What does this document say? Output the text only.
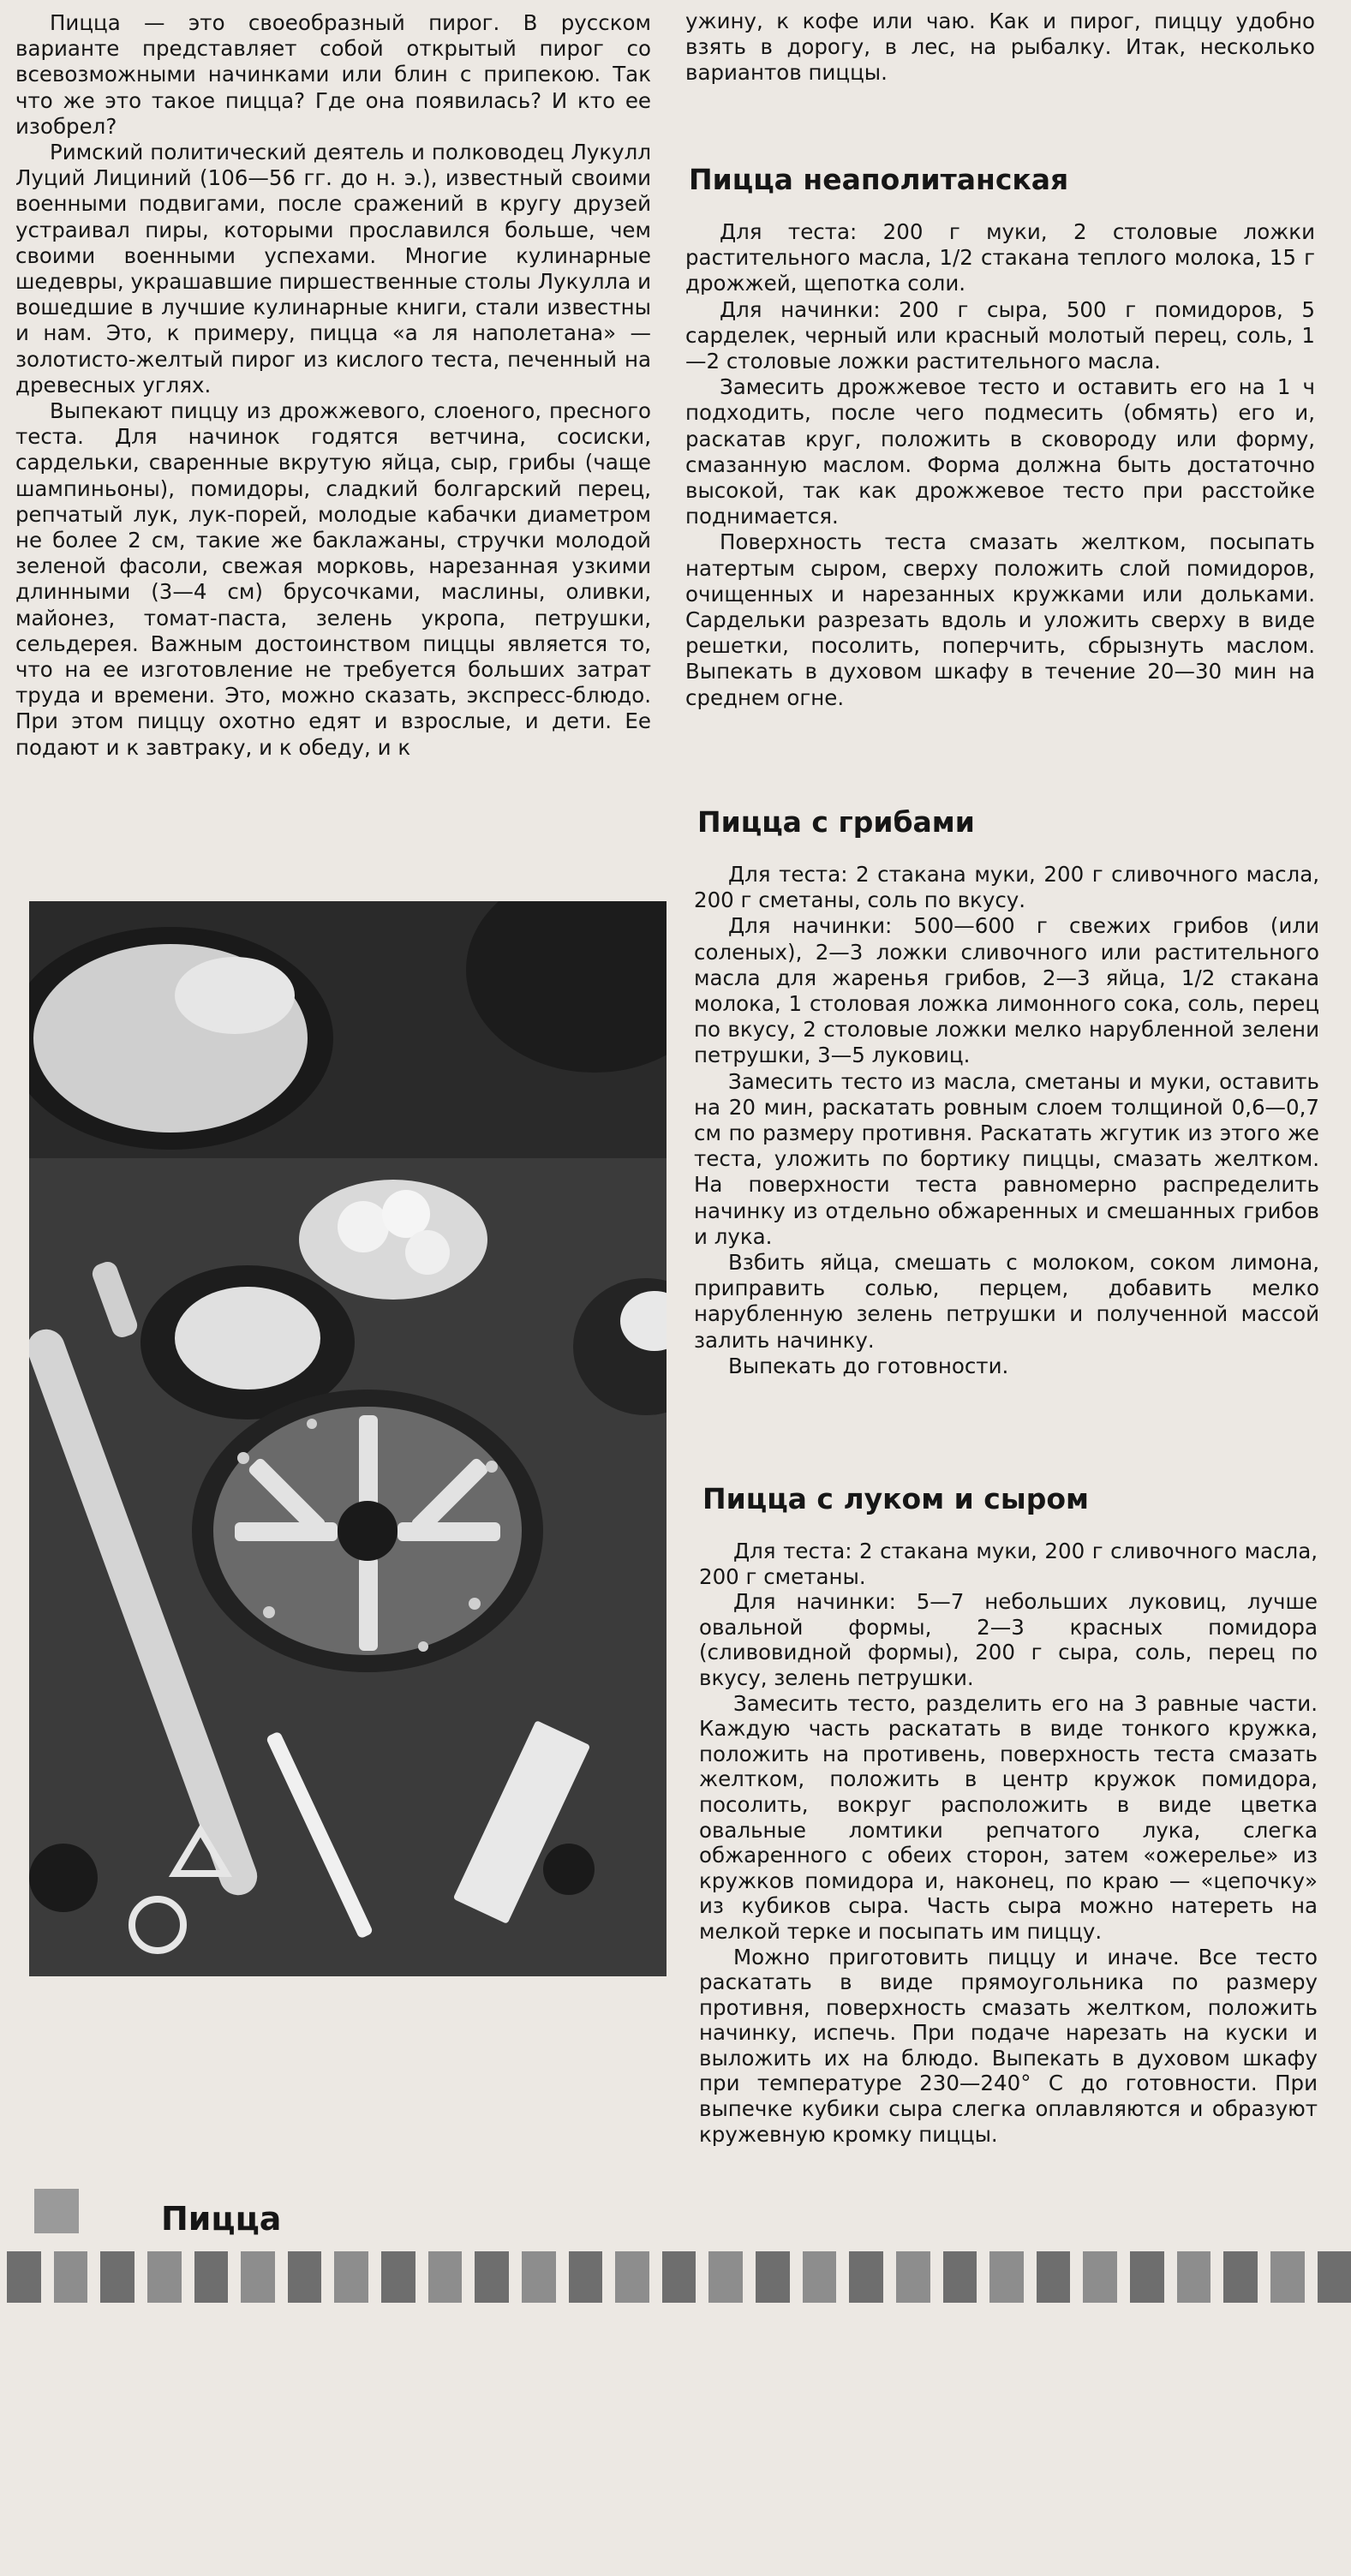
Пицца — это своеобразный пирог. В русском варианте представляет собой открытый пирог со всевозможными начинками или блин с припекою. Так что же это такое пицца? Где она появилась? И кто ее изобрел?

Римский политический деятель и полководец Лукулл Луций Лициний (106—56 гг. до н. э.), известный своими военными подвигами, после сражений в кругу друзей устраивал пиры, которыми прославился больше, чем своими военными успехами. Многие кулинарные шедевры, украшавшие пиршественные столы Лукулла и вошедшие в лучшие кулинарные книги, стали известны и нам. Это, к примеру, пицца «а ля наполетана» — золотисто-желтый пирог из кислого теста, печенный на древесных углях.

Выпекают пиццу из дрожжевого, слоеного, пресного теста. Для начинок годятся ветчина, сосиски, сардельки, сваренные вкрутую яйца, сыр, грибы (чаще шампиньоны), помидоры, сладкий болгарский перец, репчатый лук, лук-порей, молодые кабачки диаметром не более 2 см, такие же баклажаны, стручки молодой зеленой фасоли, свежая морковь, нарезанная узкими длинными (3—4 см) брусочками, маслины, оливки, майонез, томат-паста, зелень укропа, петрушки, сельдерея. Важным достоинством пиццы является то, что на ее изготовление не требуется больших затрат труда и времени. Это, можно сказать, экспресс-блюдо. При этом пиццу охотно едят и взрослые, и дети. Ее подают и к завтраку, и к обеду, и к

ужину, к кофе или чаю. Как и пирог, пиццу удобно взять в дорогу, в лес, на рыбалку. Итак, несколько вариантов пиццы.

Пицца неаполитанская

Для теста: 200 г муки, 2 столовые ложки растительного масла, 1/2 стакана теплого молока, 15 г дрожжей, щепотка соли.

Для начинки: 200 г сыра, 500 г помидоров, 5 сарделек, черный или красный молотый перец, соль, 1—2 столовые ложки растительного масла.

Замесить дрожжевое тесто и оставить его на 1 ч подходить, после чего подмесить (обмять) его и, раскатав круг, положить в сковороду или форму, смазанную маслом. Форма должна быть достаточно высокой, так как дрожжевое тесто при расстойке поднимается.

Поверхность теста смазать желтком, посыпать натертым сыром, сверху положить слой помидоров, очищенных и нарезанных кружками или дольками. Сардельки разрезать вдоль и уложить сверху в виде решетки, посолить, поперчить, сбрызнуть маслом. Выпекать в духовом шкафу в течение 20—30 мин на среднем огне.

Пицца с грибами

Для теста: 2 стакана муки, 200 г сливочного масла, 200 г сметаны, соль по вкусу.

Для начинки: 500—600 г свежих грибов (или соленых), 2—3 ложки сливочного или растительного масла для жаренья грибов, 2—3 яйца, 1/2 стакана молока, 1 столовая ложка лимонного сока, соль, перец по вкусу, 2 столовые ложки мелко нарубленной зелени петрушки, 3—5 луковиц.

Замесить тесто из масла, сметаны и муки, оставить на 20 мин, раскатать ровным слоем толщиной 0,6—0,7 см по размеру противня. Раскатать жгутик из этого же теста, уложить по бортику пиццы, смазать желтком. На поверхности теста равномерно распределить начинку из отдельно обжаренных и смешанных грибов и лука.

Взбить яйца, смешать с молоком, соком лимона, приправить солью, перцем, добавить мелко нарубленную зелень петрушки и полученной массой залить начинку.

Выпекать до готовности.

Пицца с луком и сыром

Для теста: 2 стакана муки, 200 г сливочного масла, 200 г сметаны.

Для начинки: 5—7 небольших луковиц, лучше овальной формы, 2—3 красных помидора (сливовидной формы), 200 г сыра, соль, перец по вкусу, зелень петрушки.

Замесить тесто, разделить его на 3 равные части. Каждую часть раскатать в виде тонкого кружка, положить на противень, поверхность теста смазать желтком, положить в центр кружок помидора, посолить, вокруг расположить в виде цветка овальные ломтики репчатого лука, слегка обжаренного с обеих сторон, затем «ожерелье» из кружков помидора и, наконец, по краю — «цепочку» из кубиков сыра. Часть сыра можно натереть на мелкой терке и посыпать им пиццу.

Можно приготовить пиццу и иначе. Все тесто раскатать в виде прямоугольника по размеру противня, поверхность смазать желтком, положить начинку, испечь. При подаче нарезать на куски и выложить их на блюдо. Выпекать в духовом шкафу при температуре 230—240° С до готовности. При выпечке кубики сыра слегка оплавляются и образуют кружевную кромку пиццы.

Пицца
